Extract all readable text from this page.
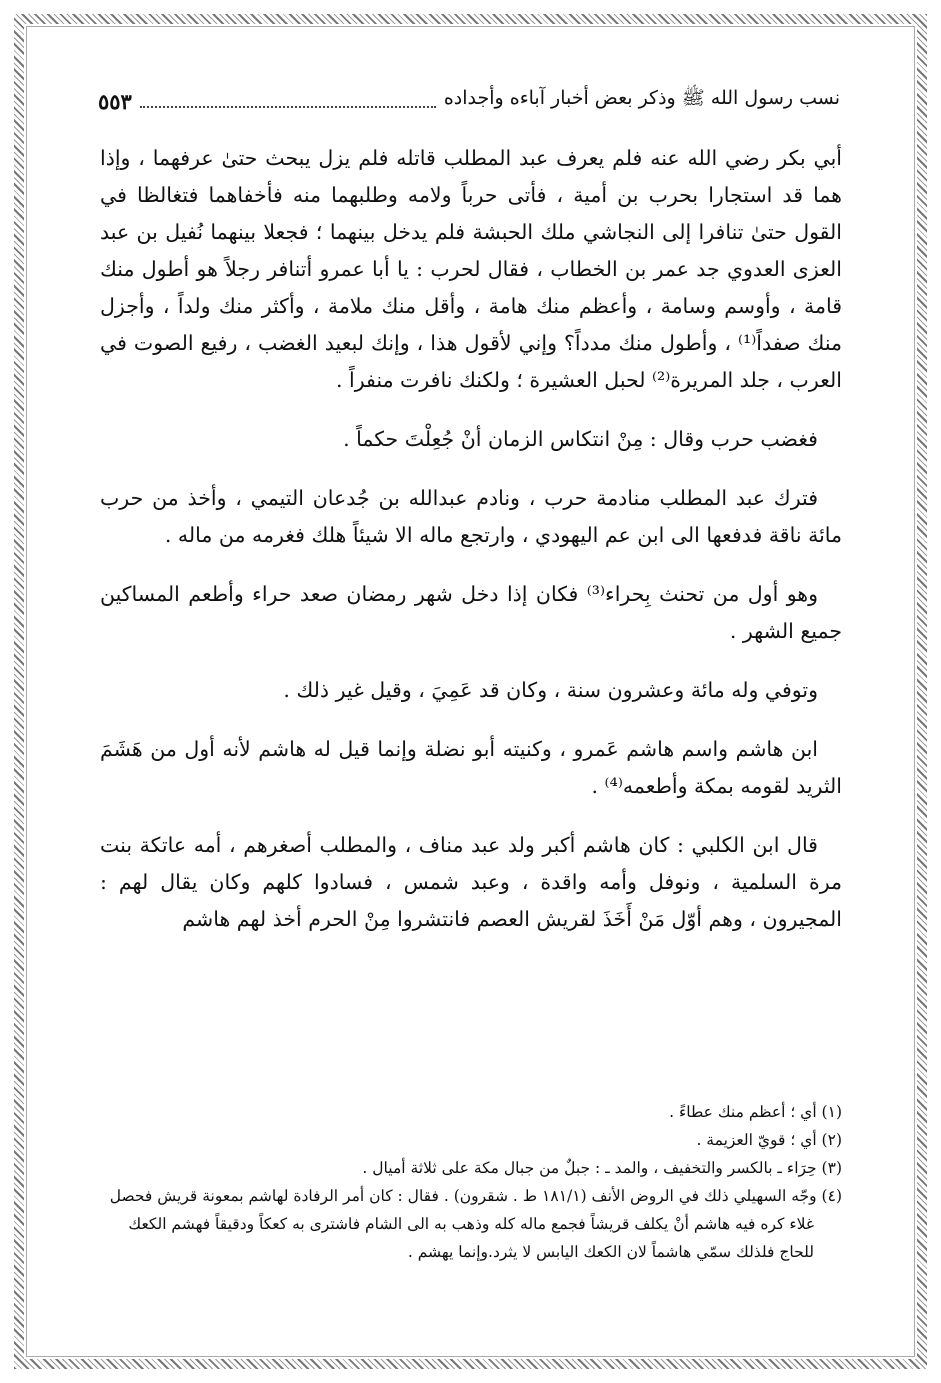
نسب رسول الله ﷺ وذكر بعض أخبار آباءه وأجداده
٥٥٣

أبي بكر رضي الله عنه فلم يعرف عبد المطلب قاتله فلم يزل يبحث حتىٰ عرفهما ، وإذا هما قد استجارا بحرب بن أمية ، فأتى حرباً ولامه وطلبهما منه فأخفاهما فتغالظا في القول حتىٰ تنافرا إلى النجاشي ملك الحبشة فلم يدخل بينهما ؛ فجعلا بينهما نُفيل بن عبد العزى العدوي جد عمر بن الخطاب ، فقال لحرب : يا أبا عمرو أتنافر رجلاً هو أطول منك قامة ، وأوسم وسامة ، وأعظم منك هامة ، وأقل منك ملامة ، وأكثر منك ولداً ، وأجزل منك صفداً⁽¹⁾ ، وأطول منك مدداً؟ وإني لأقول هذا ، وإنك لبعيد الغضب ، رفيع الصوت في العرب ، جلد المريرة⁽²⁾ لحبل العشيرة ؛ ولكنك نافرت منفراً .

فغضب حرب وقال : مِنْ انتكاس الزمان أنْ جُعِلْتَ حكماً .

فترك عبد المطلب منادمة حرب ، ونادم عبدالله بن جُدعان التيمي ، وأخذ من حرب مائة ناقة فدفعها الى ابن عم اليهودي ، وارتجع ماله الا شيئاً هلك فغرمه من ماله .

وهو أول من تحنث بِحراء⁽³⁾ فكان إذا دخل شهر رمضان صعد حراء وأطعم المساكين جميع الشهر .

وتوفي وله مائة وعشرون سنة ، وكان قد عَمِيَ ، وقيل غير ذلك .

ابن هاشم واسم هاشم عَمرو ، وكنيته أبو نضلة وإنما قيل له هاشم لأنه أول من هَشَمَ الثريد لقومه بمكة وأطعمه⁽⁴⁾ .

قال ابن الكلبي : كان هاشم أكبر ولد عبد مناف ، والمطلب أصغرهم ، أمه عاتكة بنت مرة السلمية ، ونوفل وأمه واقدة ، وعبد شمس ، فسادوا كلهم وكان يقال لهم : المجيرون ، وهم أوّل مَنْ أَخَذَ لقريش العصم فانتشروا مِنْ الحرم أخذ لهم هاشم

(١) أي ؛ أعظم منك عطاءً .

(٢) أي ؛ قويّ العزيمة .

(٣) حِرَاء ـ بالكسر والتخفيف ، والمد ـ : جبلٌ من جبال مكة على ثلاثة أميال .

(٤) وجّه السهيلي ذلك في الروض الأنف (١٨١/١ ط . شقرون) . فقال : كان أمر الرفادة لهاشم بمعونة قريش فحصل غلاء كره فيه هاشم أنْ يكلف قريشاً فجمع ماله كله وذهب به الى الشام فاشترى به كعكاً ودقيقاً فهشم الكعك للحاج فلذلك سمّي هاشماً لان الكعك اليابس لا يثرد.وإنما يهشم .
